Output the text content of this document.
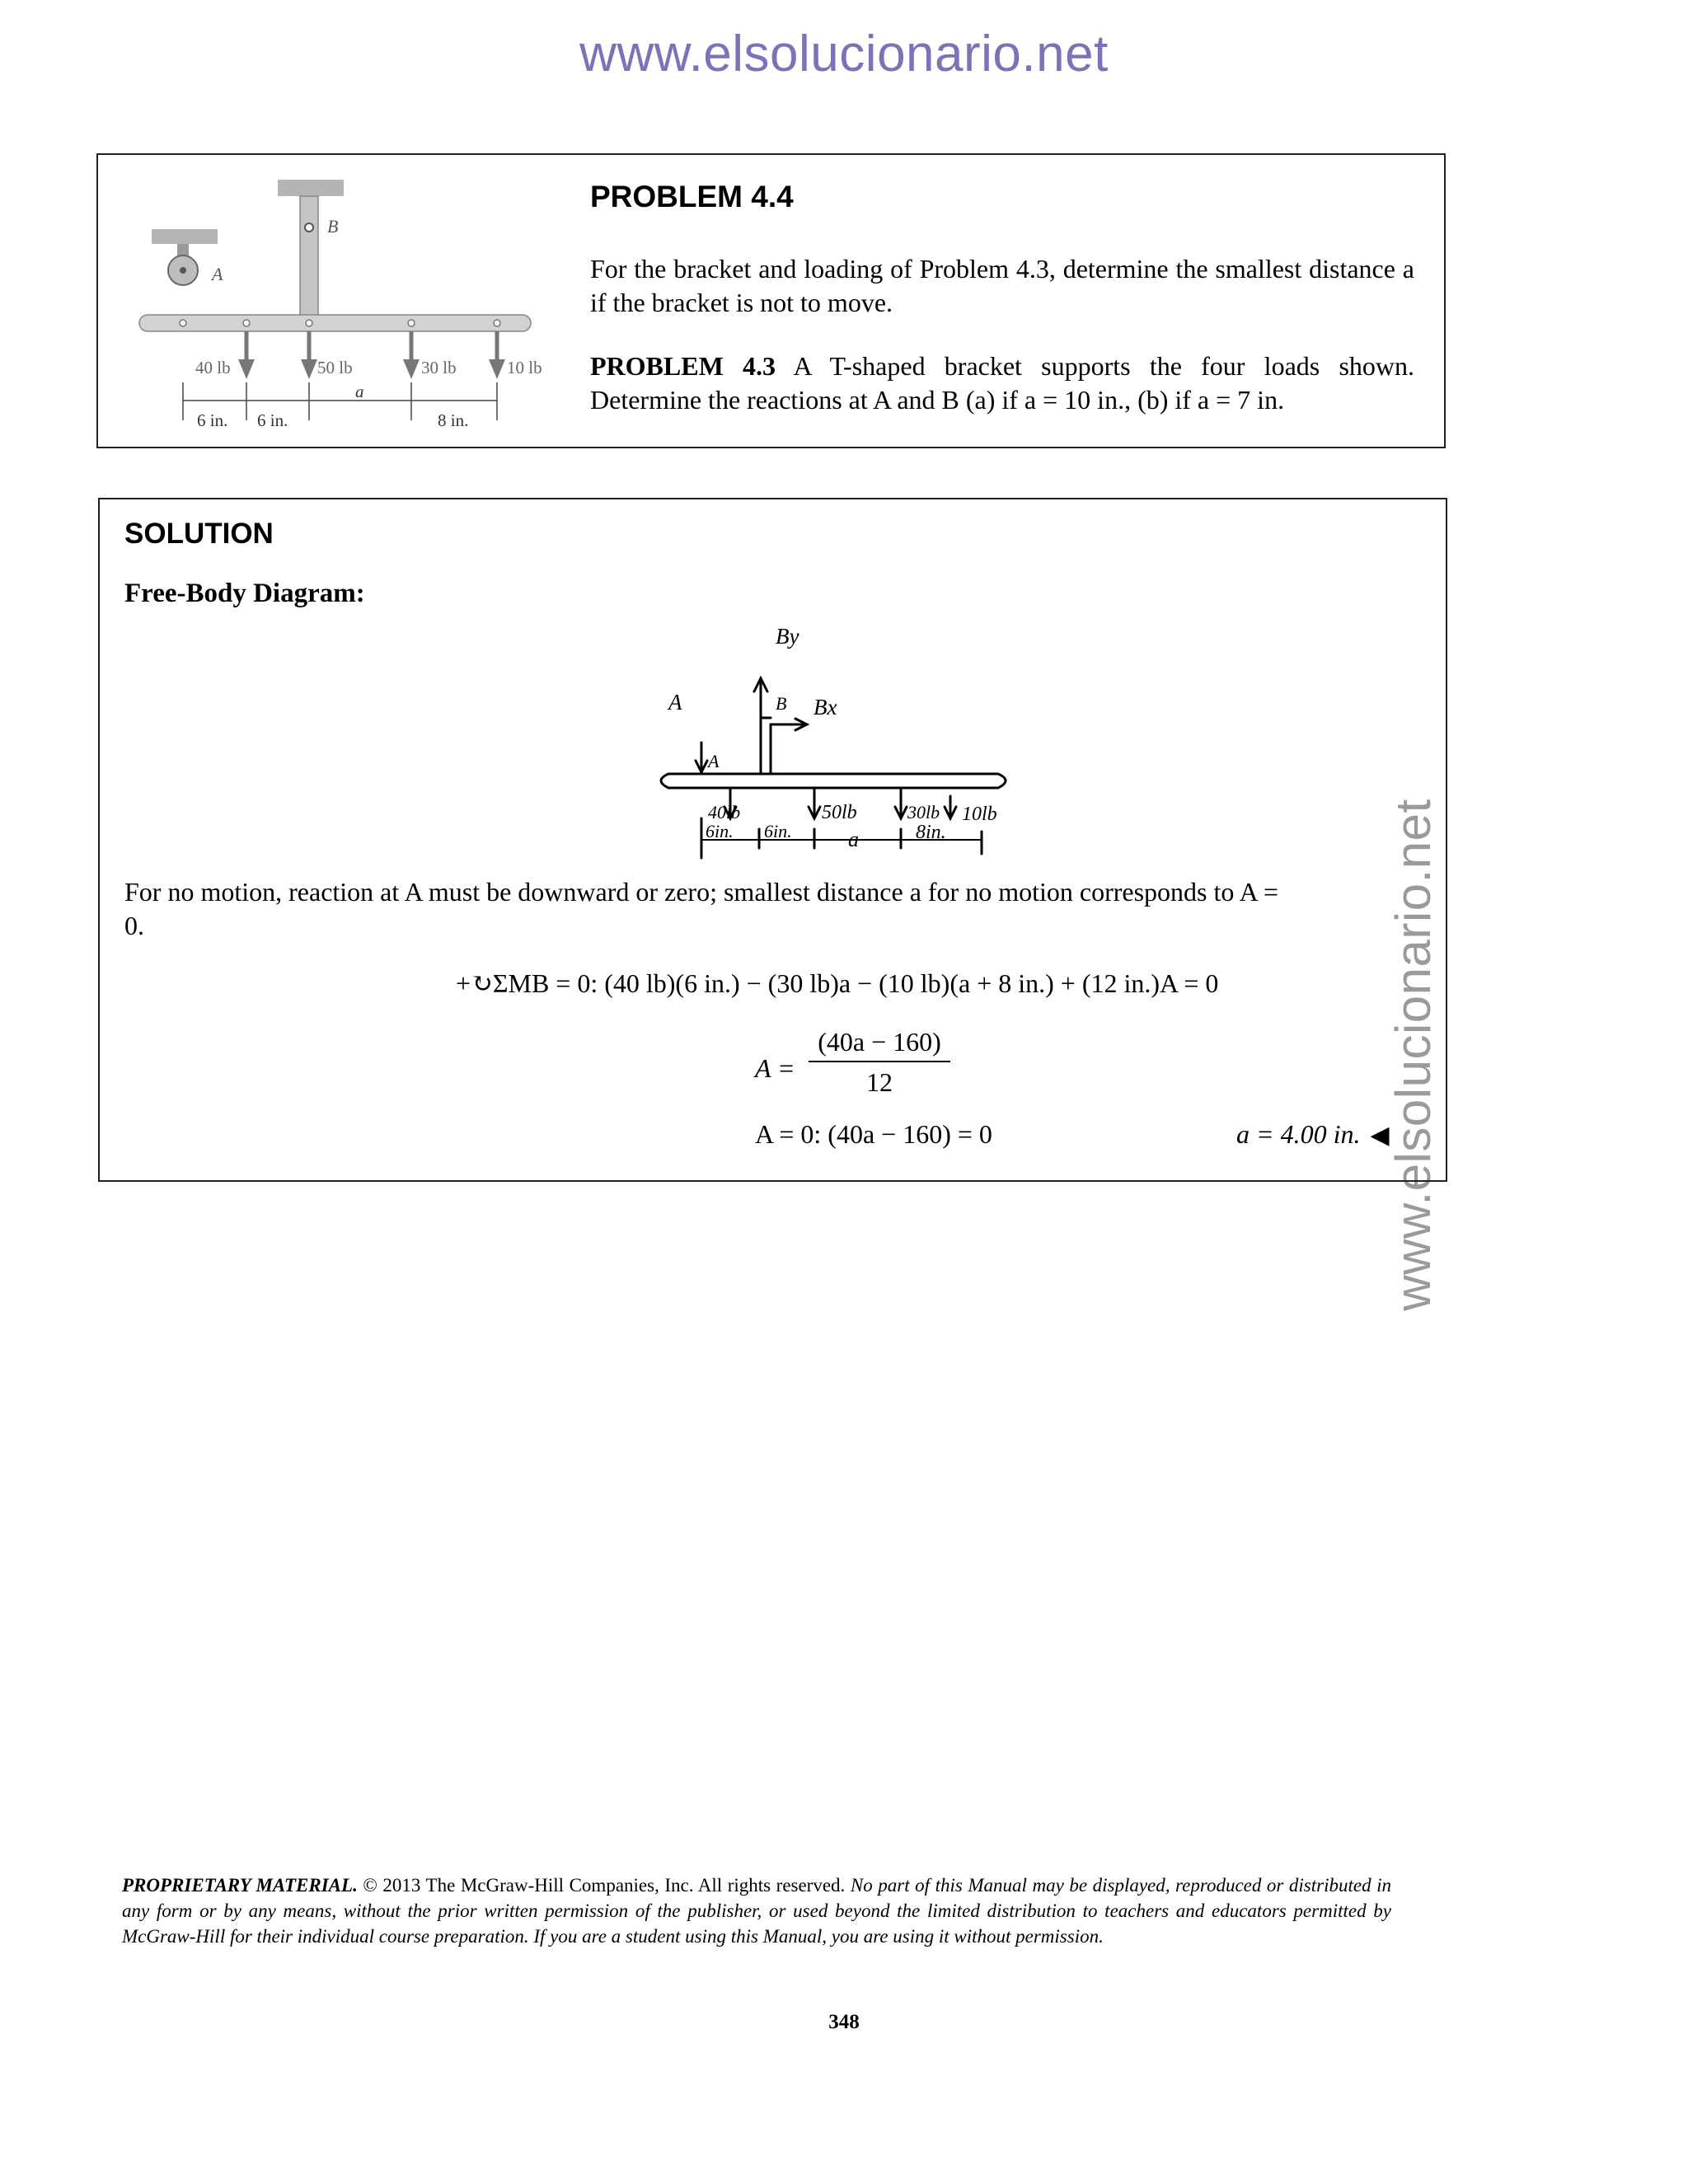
www.elsolucionario.net
www.elsolucionario.net
B
A
40 lb	50 lb	30 lb	10 lb
6 in. 6 in.
a
8 in.
PROBLEM 4.4
For the bracket and loading of Problem 4.3, determine the smallest distance a if the bracket is not to move.
PROBLEM 4.3 A T-shaped bracket supports the four loads shown. Determine the reactions at A and B (a) if a = 10 in., (b) if a = 7 in.
SOLUTION
Free-Body Diagram:
By
B Bx
A
A
40lb	50lb	30lb 10lb
6in. 6in.	a	8in.
For no motion, reaction at A must be downward or zero; smallest distance a for no motion corresponds to A = 0.
+↻ΣMB = 0: (40 lb)(6 in.) − (30 lb)a − (10 lb)(a + 8 in.) + (12 in.)A = 0
$A = \frac{(40a - 160)}{12}$
A = 0: (40a − 160) = 0	a = 4.00 in. ◀
PROPRIETARY MATERIAL. © 2013 The McGraw-Hill Companies, Inc. All rights reserved. No part of this Manual may be displayed, reproduced or distributed in any form or by any means, without the prior written permission of the publisher, or used beyond the limited distribution to teachers and educators permitted by McGraw-Hill for their individual course preparation. If you are a student using this Manual, you are using it without permission.
348
